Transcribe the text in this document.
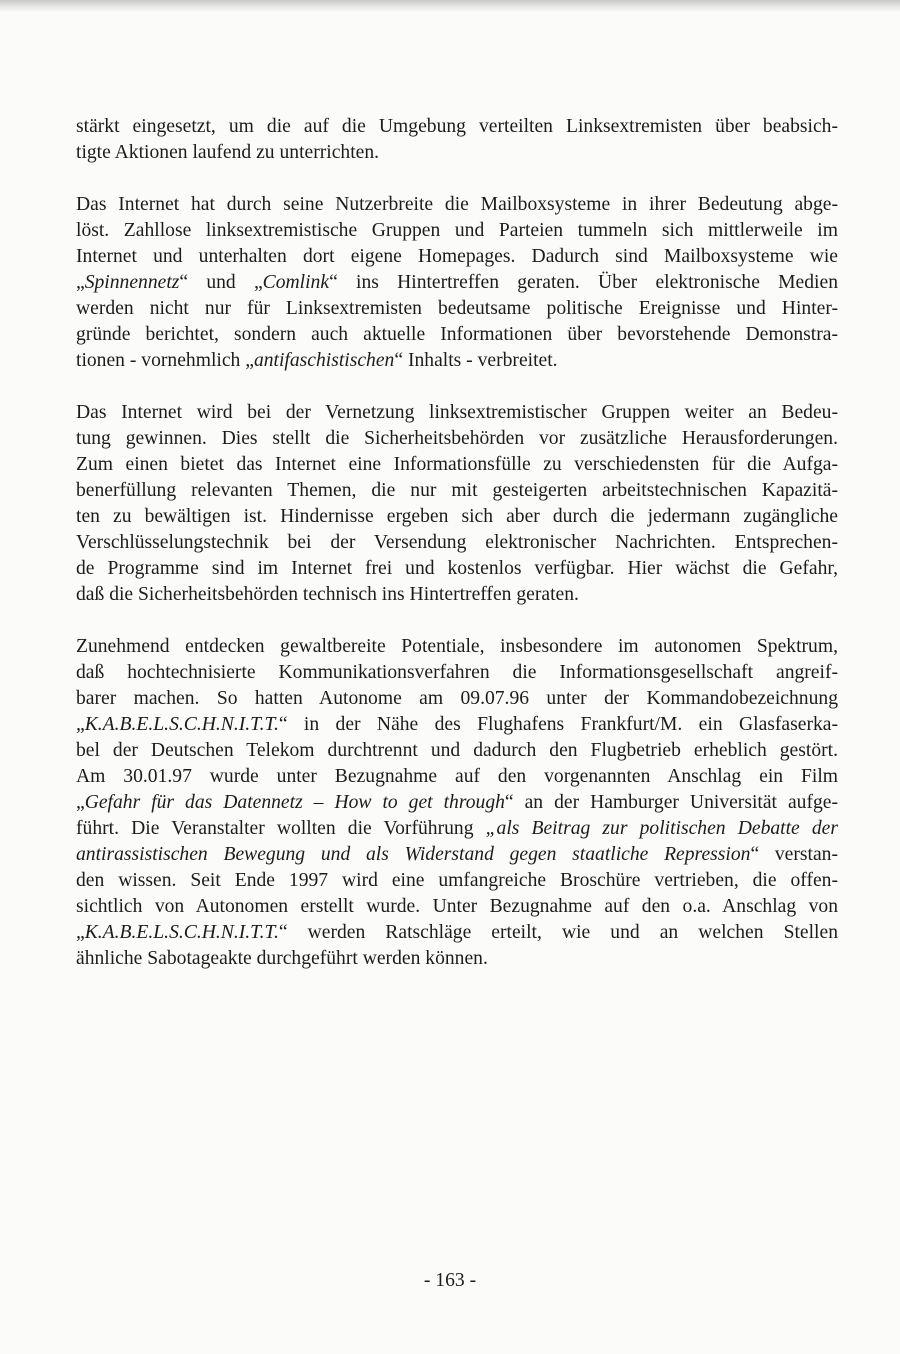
stärkt eingesetzt, um die auf die Umgebung verteilten Linksextremisten über beabsich-
tigte Aktionen laufend zu unterrichten.
Das Internet hat durch seine Nutzerbreite die Mailboxsysteme in ihrer Bedeutung abge-
löst. Zahllose linksextremistische Gruppen und Parteien tummeln sich mittlerweile im
Internet und unterhalten dort eigene Homepages. Dadurch sind Mailboxsysteme wie
„Spinnennetz“ und „Comlink“ ins Hintertreffen geraten. Über elektronische Medien
werden nicht nur für Linksextremisten bedeutsame politische Ereignisse und Hinter-
gründe berichtet, sondern auch aktuelle Informationen über bevorstehende Demonstra-
tionen - vornehmlich „antifaschistischen“ Inhalts - verbreitet.
Das Internet wird bei der Vernetzung linksextremistischer Gruppen weiter an Bedeu-
tung gewinnen. Dies stellt die Sicherheitsbehörden vor zusätzliche Herausforderungen.
Zum einen bietet das Internet eine Informationsfülle zu verschiedensten für die Aufga-
benerfüllung relevanten Themen, die nur mit gesteigerten arbeitstechnischen Kapazitä-
ten zu bewältigen ist. Hindernisse ergeben sich aber durch die jedermann zugängliche
Verschlüsselungstechnik bei der Versendung elektronischer Nachrichten. Entsprechen-
de Programme sind im Internet frei und kostenlos verfügbar. Hier wächst die Gefahr,
daß die Sicherheitsbehörden technisch ins Hintertreffen geraten.
Zunehmend entdecken gewaltbereite Potentiale, insbesondere im autonomen Spektrum,
daß hochtechnisierte Kommunikationsverfahren die Informationsgesellschaft angreif-
barer machen. So hatten Autonome am 09.07.96 unter der Kommandobezeichnung
„K.A.B.E.L.S.C.H.N.I.T.T.“ in der Nähe des Flughafens Frankfurt/M. ein Glasfaserka-
bel der Deutschen Telekom durchtrennt und dadurch den Flugbetrieb erheblich gestört.
Am 30.01.97 wurde unter Bezugnahme auf den vorgenannten Anschlag ein Film
„Gefahr für das Datennetz – How to get through“ an der Hamburger Universität aufge-
führt. Die Veranstalter wollten die Vorführung „als Beitrag zur politischen Debatte der
antirassistischen Bewegung und als Widerstand gegen staatliche Repression“ verstan-
den wissen. Seit Ende 1997 wird eine umfangreiche Broschüre vertrieben, die offen-
sichtlich von Autonomen erstellt wurde. Unter Bezugnahme auf den o.a. Anschlag von
„K.A.B.E.L.S.C.H.N.I.T.T.“ werden Ratschläge erteilt, wie und an welchen Stellen
ähnliche Sabotageakte durchgeführt werden können.
- 163 -
